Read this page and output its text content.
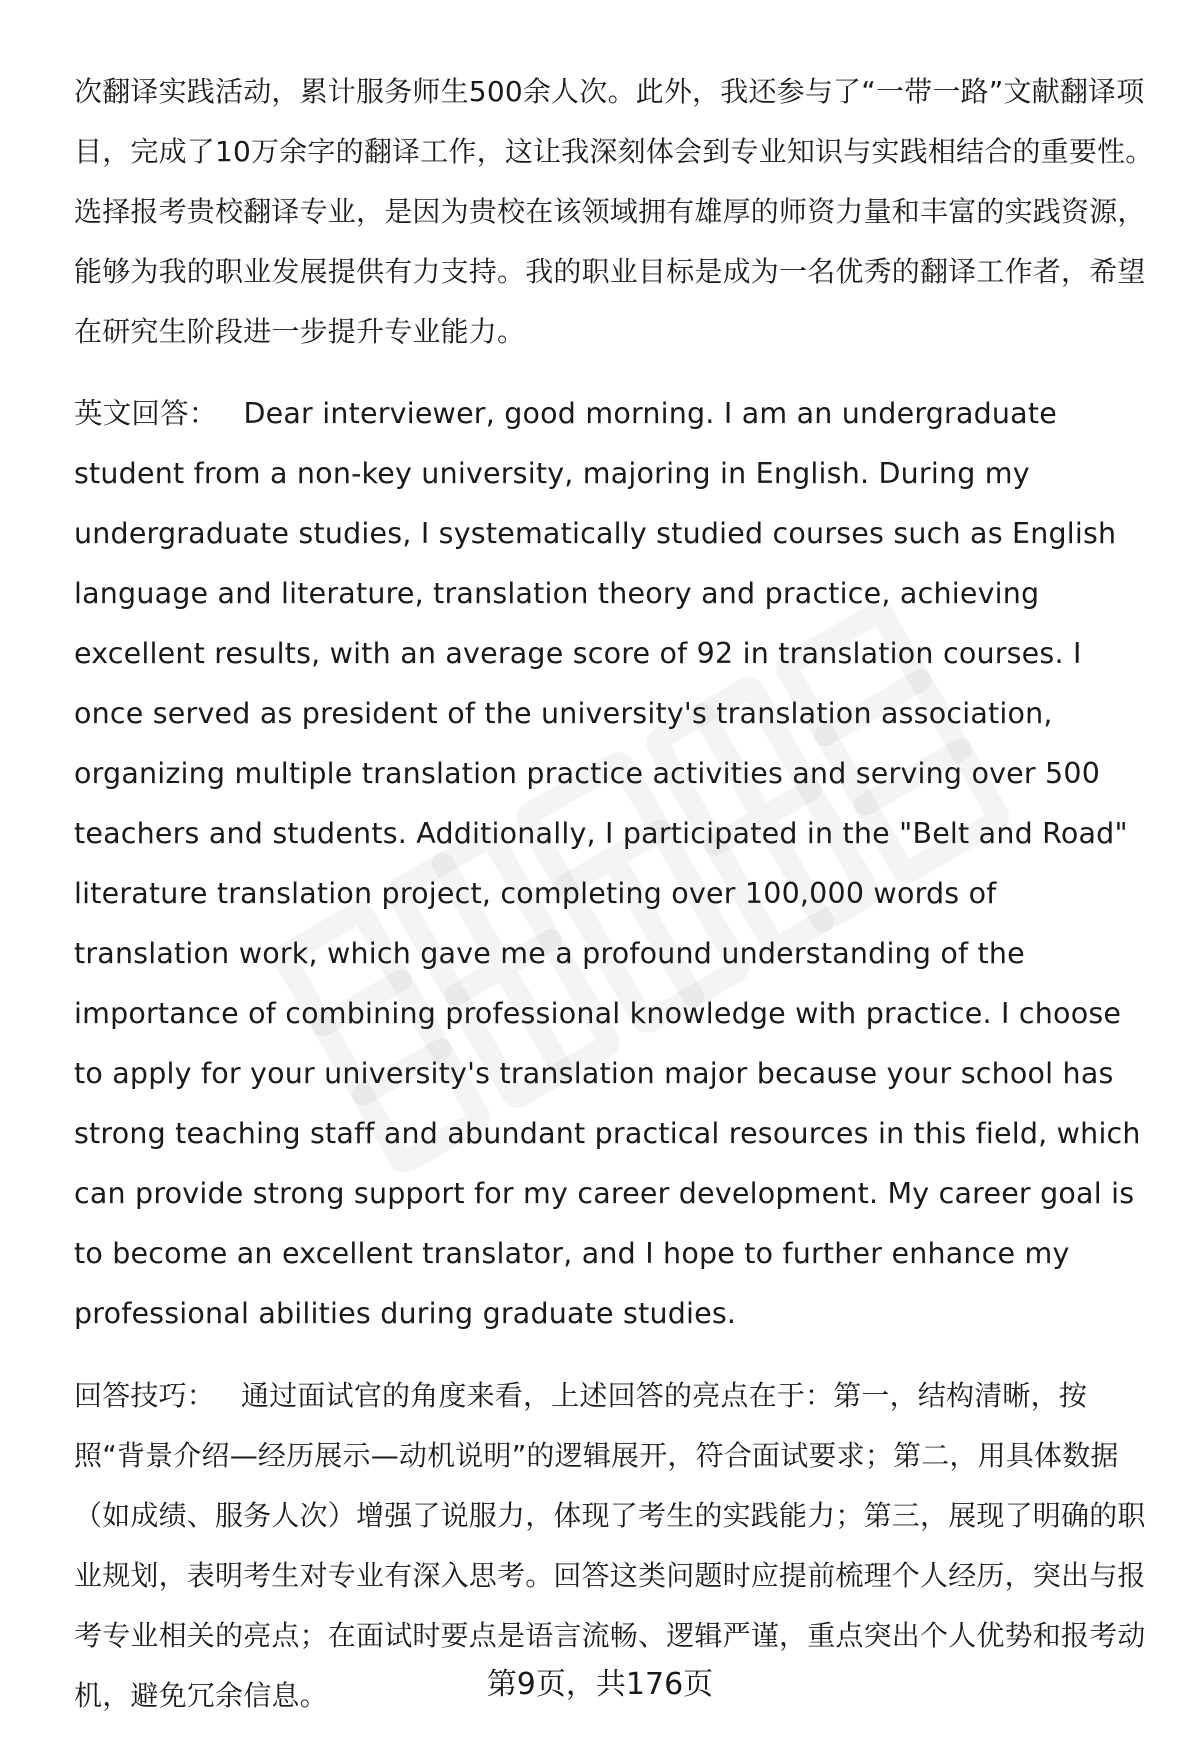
次翻译实践活动，累计服务师生500余人次。此外，我还参与了“一带一路”文献翻译项目，完成了10万余字的翻译工作，这让我深刻体会到专业知识与实践相结合的重要性。选择报考贵校翻译专业，是因为贵校在该领域拥有雄厚的师资力量和丰富的实践资源，能够为我的职业发展提供有力支持。我的职业目标是成为一名优秀的翻译工作者，希望在研究生阶段进一步提升专业能力。

英文回答： Dear interviewer, good morning. I am an undergraduate student from a non-key university, majoring in English. During my undergraduate studies, I systematically studied courses such as English language and literature, translation theory and practice, achieving excellent results, with an average score of 92 in translation courses. I once served as president of the university's translation association, organizing multiple translation practice activities and serving over 500 teachers and students. Additionally, I participated in the "Belt and Road" literature translation project, completing over 100,000 words of translation work, which gave me a profound understanding of the importance of combining professional knowledge with practice. I choose to apply for your university's translation major because your school has strong teaching staff and abundant practical resources in this field, which can provide strong support for my career development. My career goal is to become an excellent translator, and I hope to further enhance my professional abilities during graduate studies.

回答技巧： 通过面试官的角度来看，上述回答的亮点在于：第一，结构清晰，按照“背景介绍—经历展示—动机说明”的逻辑展开，符合面试要求；第二，用具体数据（如成绩、服务人次）增强了说服力，体现了考生的实践能力；第三，展现了明确的职业规划，表明考生对专业有深入思考。回答这类问题时应提前梳理个人经历，突出与报考专业相关的亮点；在面试时要点是语言流畅、逻辑严谨，重点突出个人优势和报考动机，避免冗余信息。	第9页，共176页
